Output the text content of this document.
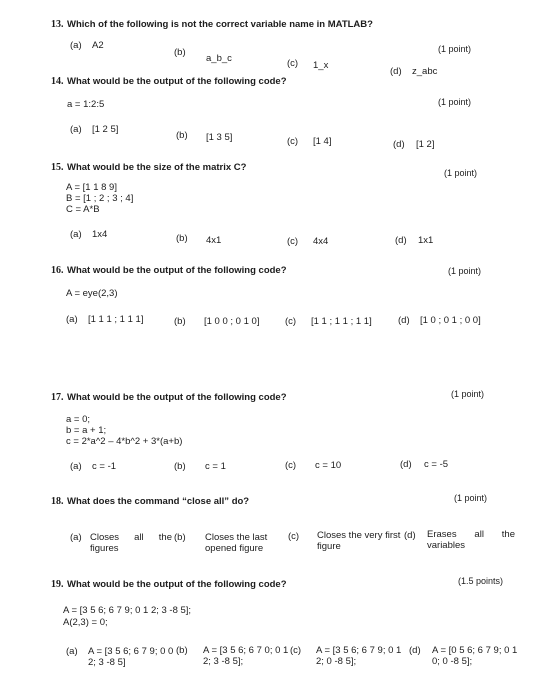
13. Which of the following is not the correct variable name in MATLAB?
(1 point)
(a) A2
(b)
a_b_c	(c) 1_x
(d) z_abc
14. What would be the output of the following code?
(1 point)
a = 1:2:5
(a) [1 2 5]
(b) [1 3 5]	(c) [1 4]	(d) [1 2]
15. What would be the size of the matrix C?	(1 point)
A = [1 1 8 9]
B = [1 ; 2 ; 3 ; 4]
C = A*B
(a) 1x4	(b) 4x1	(c) 4x4	(d) 1x1
16. What would be the output of the following code?	(1 point)
A = eye(2,3)
(a) [1 1 1 ; 1 1 1]	(b) [1 0 0 ; 0 1 0]	(c) [1 1 ; 1 1 ; 1 1]	(d) [1 0 ; 0 1 ; 0 0]
17. What would be the output of the following code?	(1 point)
a = 0;
b = a + 1;
c = 2*a^2 – 4*b^2 + 3*(a+b)
(a) c = -1	(b) c = 1	(c) c = 10	(d) c = -5
18. What does the command “close all” do?	(1 point)
(a) Closes all the figures
(b) Closes the last opened figure
(c) Closes the very first figure
(d) Erases all the variables
19. What would be the output of the following code?	(1.5 points)
A = [3 5 6; 6 7 9; 0 1 2; 3 -8 5];
A(2,3) = 0;
(a) A = [3 5 6; 6 7 9; 0 0 2; 3 -8 5]
(b) A = [3 5 6; 6 7 0; 0 1 2; 3 -8 5];
(c) A = [3 5 6; 6 7 9; 0 1 2; 0 -8 5];
(d) A = [0 5 6; 6 7 9; 0 1 0; 0 -8 5];
